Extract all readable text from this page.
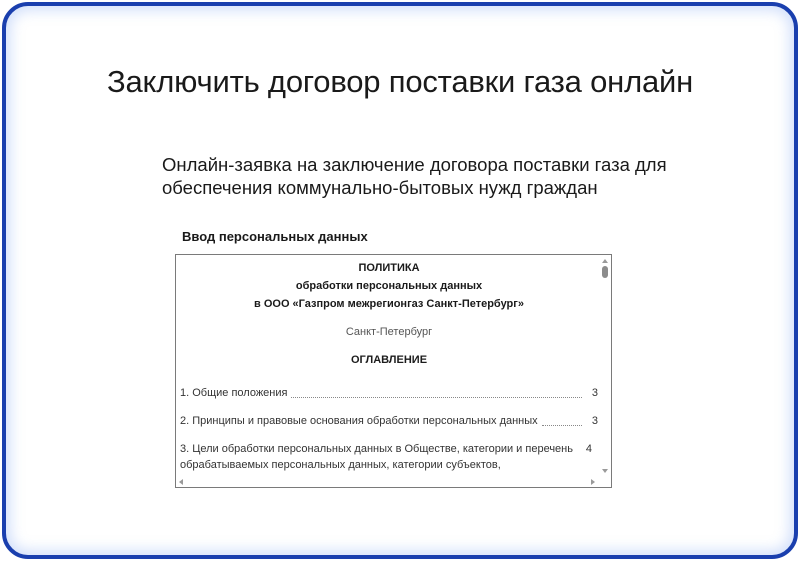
Заключить договор поставки газа онлайн
Онлайн-заявка на заключение договора поставки газа для обеспечения коммунально-бытовых нужд граждан
Ввод персональных данных
ПОЛИТИКА
обработки персональных данных
в ООО «Газпром межрегионгаз Санкт-Петербург»
Санкт-Петербург
ОГЛАВЛЕНИЕ
1. Общие положения	3
2. Принципы и правовые основания обработки персональных данных	3
3. Цели обработки персональных данных в Обществе, категории и перечень обрабатываемых персональных данных, категории субъектов,
4
